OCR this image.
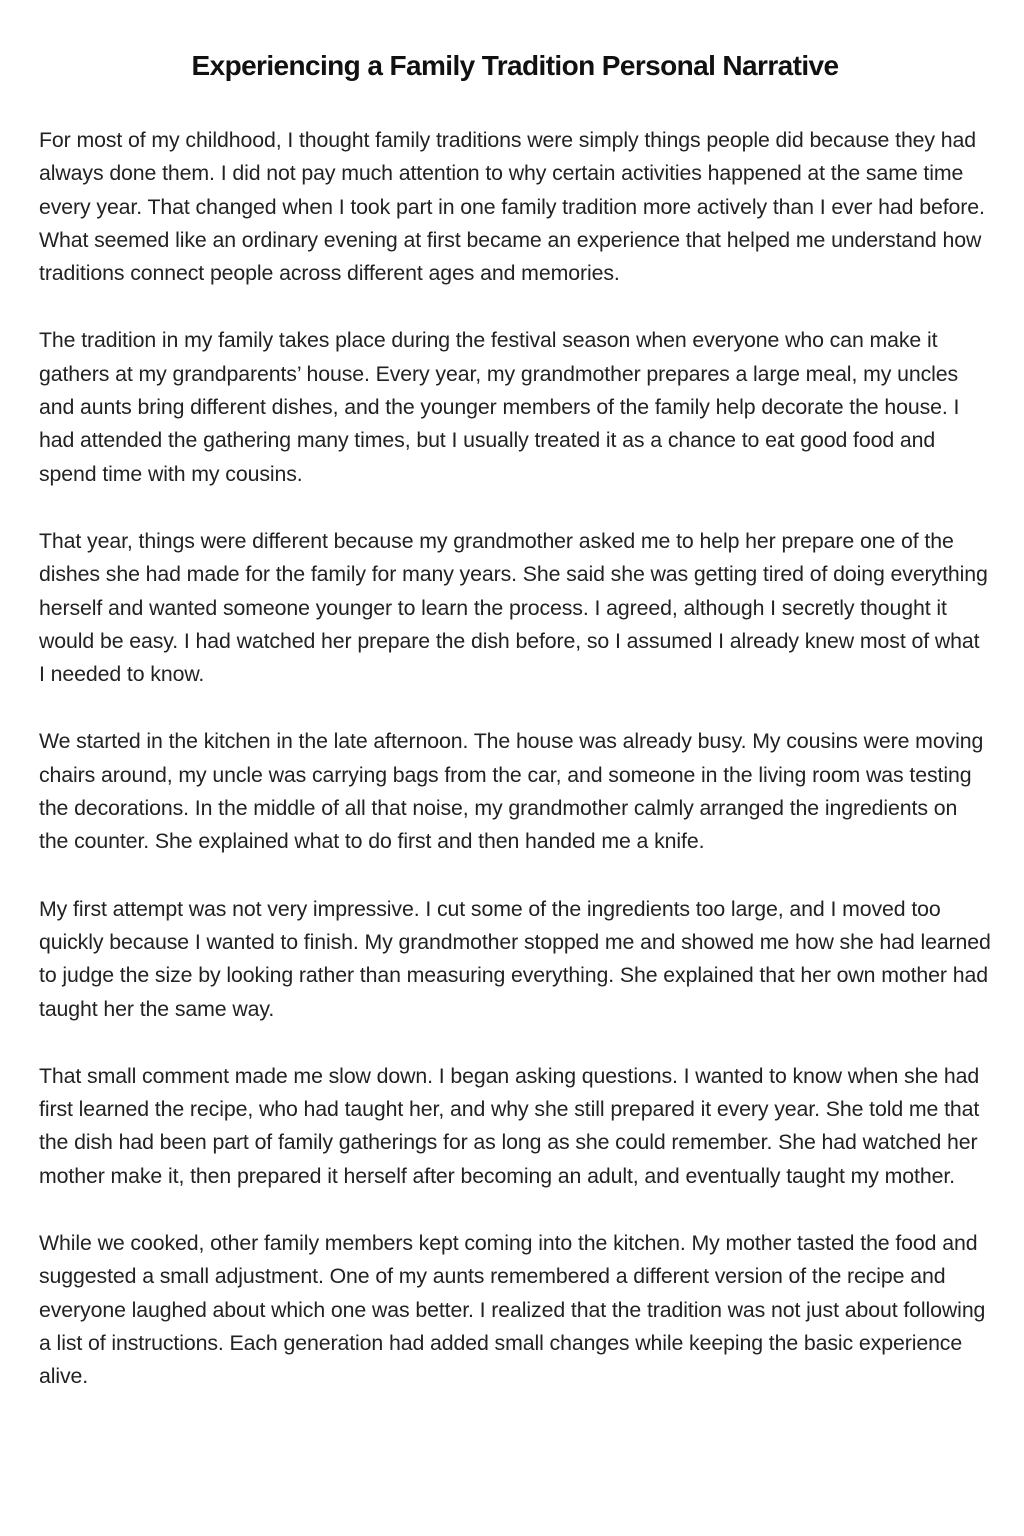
Experiencing a Family Tradition Personal Narrative

For most of my childhood, I thought family traditions were simply things people did because they had always done them. I did not pay much attention to why certain activities happened at the same time every year. That changed when I took part in one family tradition more actively than I ever had before. What seemed like an ordinary evening at first became an experience that helped me understand how traditions connect people across different ages and memories.

The tradition in my family takes place during the festival season when everyone who can make it gathers at my grandparents’ house. Every year, my grandmother prepares a large meal, my uncles and aunts bring different dishes, and the younger members of the family help decorate the house. I had attended the gathering many times, but I usually treated it as a chance to eat good food and spend time with my cousins.

That year, things were different because my grandmother asked me to help her prepare one of the dishes she had made for the family for many years. She said she was getting tired of doing everything herself and wanted someone younger to learn the process. I agreed, although I secretly thought it would be easy. I had watched her prepare the dish before, so I assumed I already knew most of what I needed to know.

We started in the kitchen in the late afternoon. The house was already busy. My cousins were moving chairs around, my uncle was carrying bags from the car, and someone in the living room was testing the decorations. In the middle of all that noise, my grandmother calmly arranged the ingredients on the counter. She explained what to do first and then handed me a knife.

My first attempt was not very impressive. I cut some of the ingredients too large, and I moved too quickly because I wanted to finish. My grandmother stopped me and showed me how she had learned to judge the size by looking rather than measuring everything. She explained that her own mother had taught her the same way.

That small comment made me slow down. I began asking questions. I wanted to know when she had first learned the recipe, who had taught her, and why she still prepared it every year. She told me that the dish had been part of family gatherings for as long as she could remember. She had watched her mother make it, then prepared it herself after becoming an adult, and eventually taught my mother.

While we cooked, other family members kept coming into the kitchen. My mother tasted the food and suggested a small adjustment. One of my aunts remembered a different version of the recipe and everyone laughed about which one was better. I realized that the tradition was not just about following a list of instructions. Each generation had added small changes while keeping the basic experience alive.
